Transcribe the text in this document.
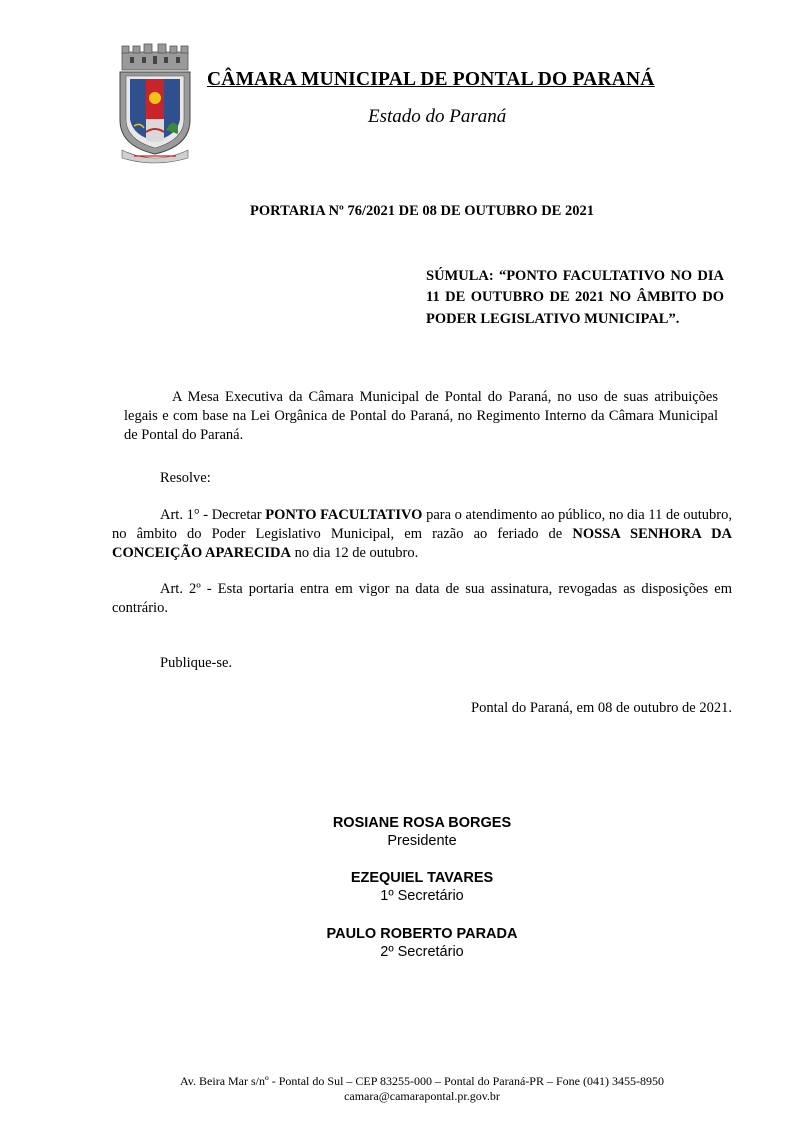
CÂMARA MUNICIPAL DE PONTAL DO PARANÁ
Estado do Paraná
PORTARIA Nº 76/2021 DE 08 DE OUTUBRO DE 2021
SÚMULA: “PONTO FACULTATIVO NO DIA 11 DE OUTUBRO DE 2021 NO ÂMBITO DO PODER LEGISLATIVO MUNICIPAL”.
A Mesa Executiva da Câmara Municipal de Pontal do Paraná, no uso de suas atribuições legais e com base na Lei Orgânica de Pontal do Paraná, no Regimento Interno da Câmara Municipal de Pontal do Paraná.
Resolve:
Art. 1° - Decretar PONTO FACULTATIVO para o atendimento ao público, no dia 11 de outubro, no âmbito do Poder Legislativo Municipal, em razão ao feriado de NOSSA SENHORA DA CONCEIÇÃO APARECIDA no dia 12 de outubro.
Art. 2º - Esta portaria entra em vigor na data de sua assinatura, revogadas as disposições em contrário.
Publique-se.
Pontal do Paraná, em 08 de outubro de 2021.
ROSIANE ROSA BORGES
Presidente
EZEQUIEL TAVARES
1º Secretário
PAULO ROBERTO PARADA
2º Secretário
Av. Beira Mar s/nº - Pontal do Sul – CEP 83255-000 – Pontal do Paraná-PR – Fone (041) 3455-8950
camara@camarapontal.pr.gov.br
